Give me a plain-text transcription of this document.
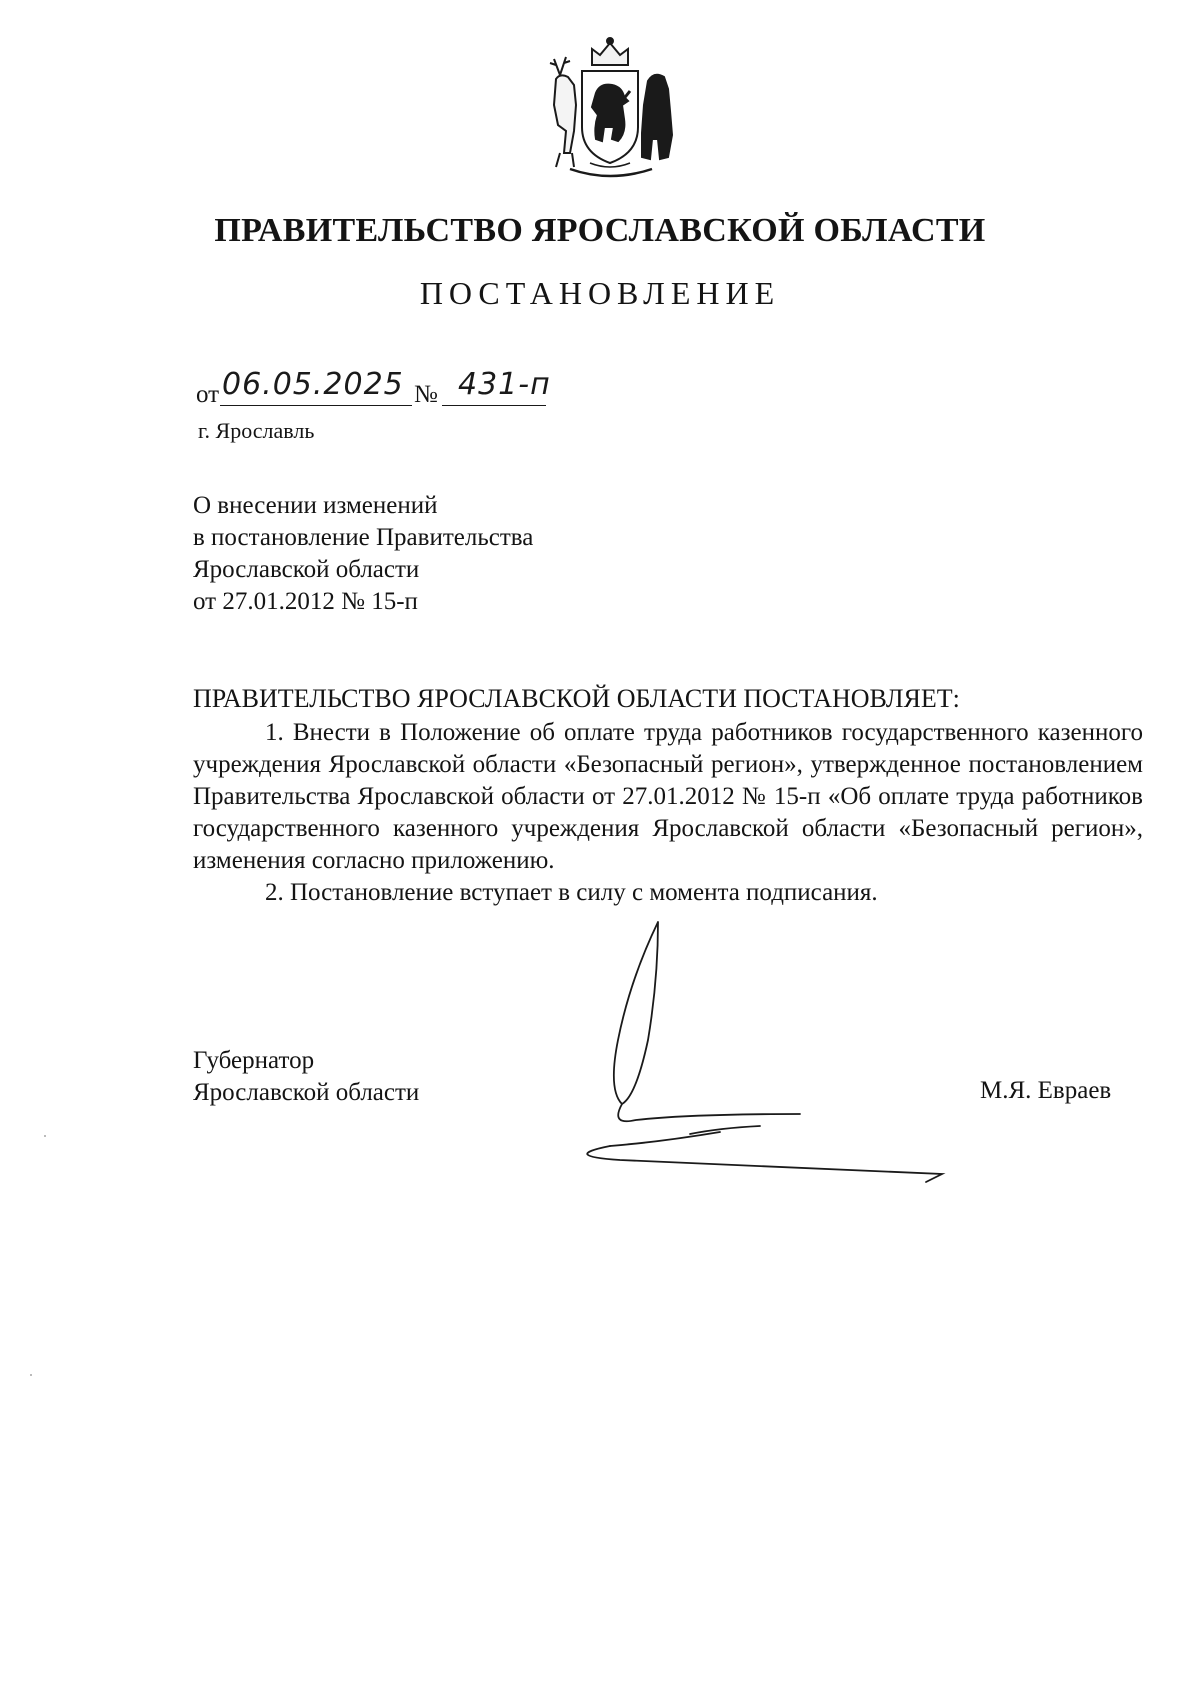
ПРАВИТЕЛЬСТВО ЯРОСЛАВСКОЙ ОБЛАСТИ
ПОСТАНОВЛЕНИЕ
от 06.05.2025 № 431-п
г. Ярославль
О внесении изменений
в постановление Правительства
Ярославской области
от 27.01.2012 № 15-п
ПРАВИТЕЛЬСТВО ЯРОСЛАВСКОЙ ОБЛАСТИ ПОСТАНОВЛЯЕТ:

1. Внести в Положение об оплате труда работников государственного казенного учреждения Ярославской области «Безопасный регион», утвержденное постановлением Правительства Ярославской области от 27.01.2012 № 15-п «Об оплате труда работников государственного казенного учреждения Ярославской области «Безопасный регион», изменения согласно приложению.

2. Постановление вступает в силу с момента подписания.

Губернатор
Ярославской области	М.Я. Евраев
